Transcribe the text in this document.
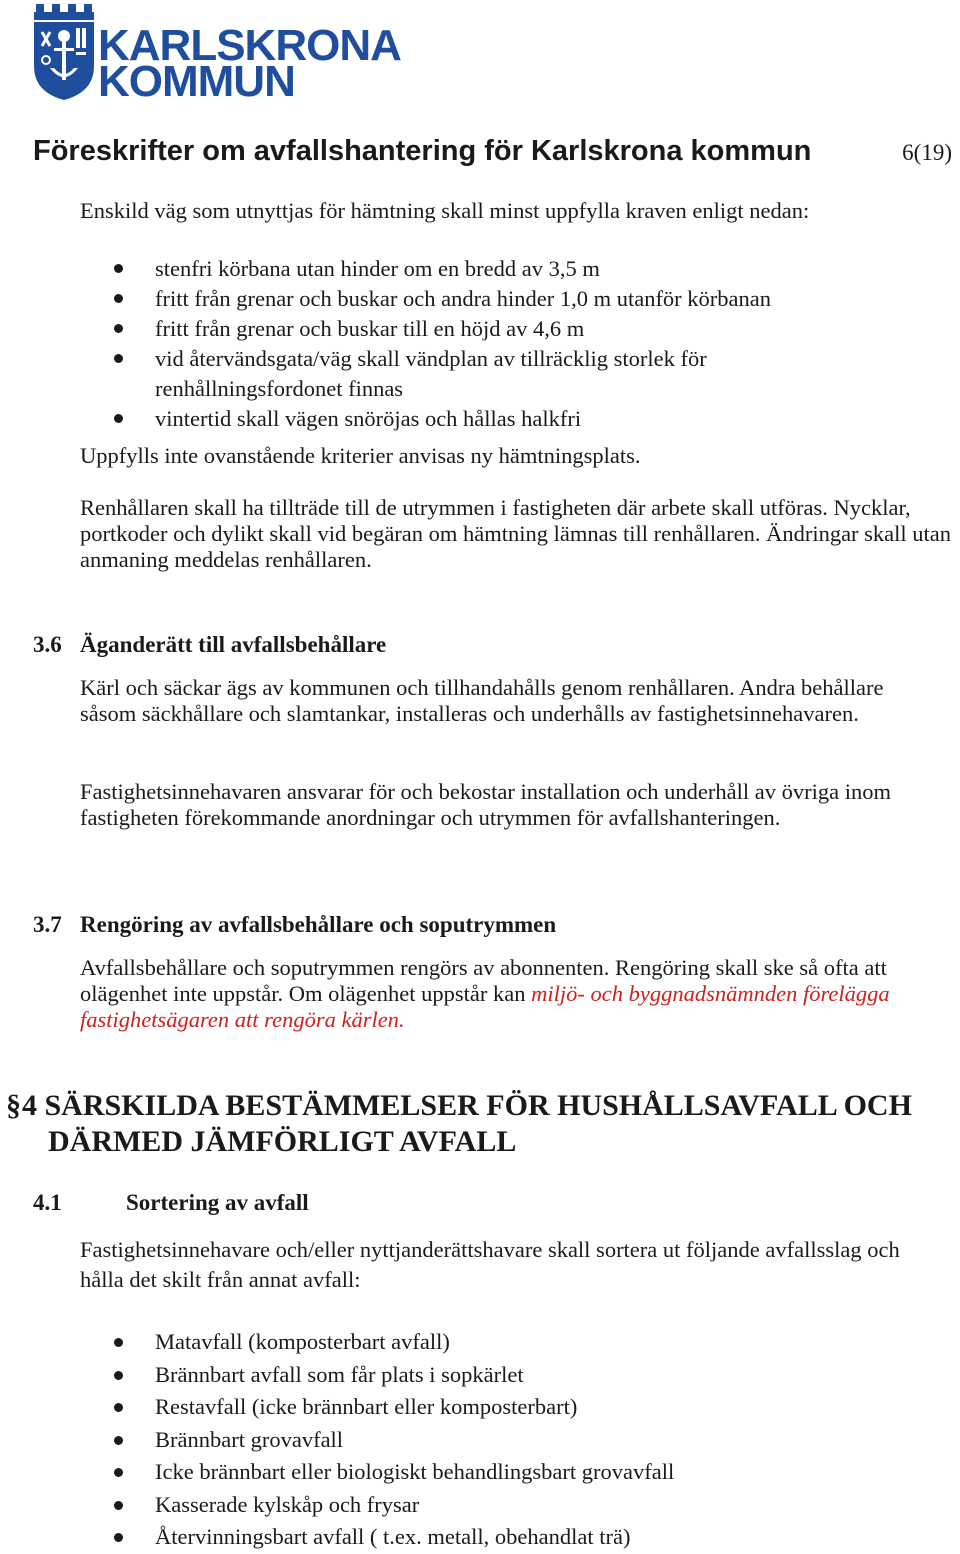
KARLSKRONA
KOMMUN
Föreskrifter om avfallshantering för Karlskrona kommun	6(19)

Enskild väg som utnyttjas för hämtning skall minst uppfylla kraven enligt nedan:

stenfri körbana utan hinder om en bredd av 3,5 m
fritt från grenar och buskar och andra hinder 1,0 m utanför körbanan
fritt från grenar och buskar till en höjd av 4,6 m
vid återvändsgata/väg skall vändplan av tillräcklig storlek för renhållningsfordonet finnas
vintertid skall vägen snöröjas och hållas halkfri

Uppfylls inte ovanstående kriterier anvisas ny hämtningsplats.

Renhållaren skall ha tillträde till de utrymmen i fastigheten där arbete skall utföras. Nycklar, portkoder och dylikt skall vid begäran om hämtning lämnas till renhållaren. Ändringar skall utan anmaning meddelas renhållaren.

3.6 Äganderätt till avfallsbehållare

Kärl och säckar ägs av kommunen och tillhandahålls genom renhållaren. Andra behållare såsom säckhållare och slamtankar, installeras och underhålls av fastighetsinnehavaren.

Fastighetsinnehavaren ansvarar för och bekostar installation och underhåll av övriga inom fastigheten förekommande anordningar och utrymmen för avfallshanteringen.

3.7 Rengöring av avfallsbehållare och soputrymmen

Avfallsbehållare och soputrymmen rengörs av abonnenten. Rengöring skall ske så ofta att olägenhet inte uppstår. Om olägenhet uppstår kan miljö- och byggnadsnämnden förelägga fastighetsägaren att rengöra kärlen.

§4 SÄRSKILDA BESTÄMMELSER FÖR HUSHÅLLSAVFALL OCH
DÄRMED JÄMFÖRLIGT AVFALL
4.1	Sortering av avfall

Fastighetsinnehavare och/eller nyttjanderättshavare skall sortera ut följande avfallsslag och hålla det skilt från annat avfall:

Matavfall (komposterbart avfall)
Brännbart avfall som får plats i sopkärlet
Restavfall (icke brännbart eller komposterbart)
Brännbart grovavfall
Icke brännbart eller biologiskt behandlingsbart grovavfall
Kasserade kylskåp och frysar
Återvinningsbart avfall ( t.ex. metall, obehandlat trä)
